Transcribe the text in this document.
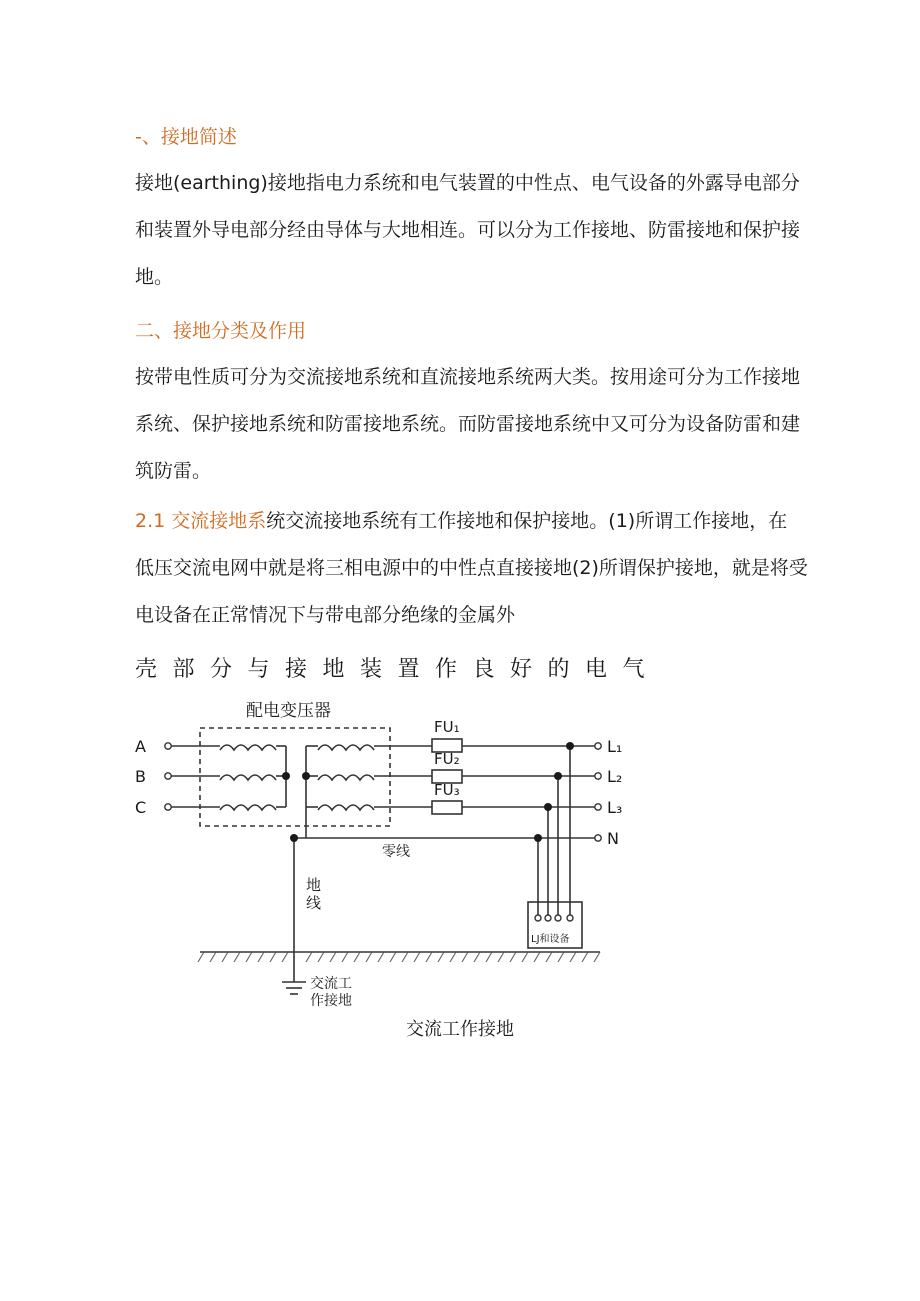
-、接地简述
接地(earthing)接地指电力系统和电气装置的中性点、电气设备的外露导电部分
和装置外导电部分经由导体与大地相连。可以分为工作接地、防雷接地和保护接
地。
二、接地分类及作用
按带电性质可分为交流接地系统和直流接地系统两大类。按用途可分为工作接地
系统、保护接地系统和防雷接地系统。而防雷接地系统中又可分为设备防雷和建
筑防雷。
2.1 交流接地系统交流接地系统有工作接地和保护接地。(1)所谓工作接地，在
低压交流电网中就是将三相电源中的中性点直接接地(2)所谓保护接地，就是将受
电设备在正常情况下与带电部分绝缘的金属外
壳部分与接地装置作良好的电气
配电变压器
A
B
C
FU₁
FU₂
FU₃
L₁
L₂
L₃
N
零线
地
线
LJ和设备
交流工
作接地
交流工作接地
